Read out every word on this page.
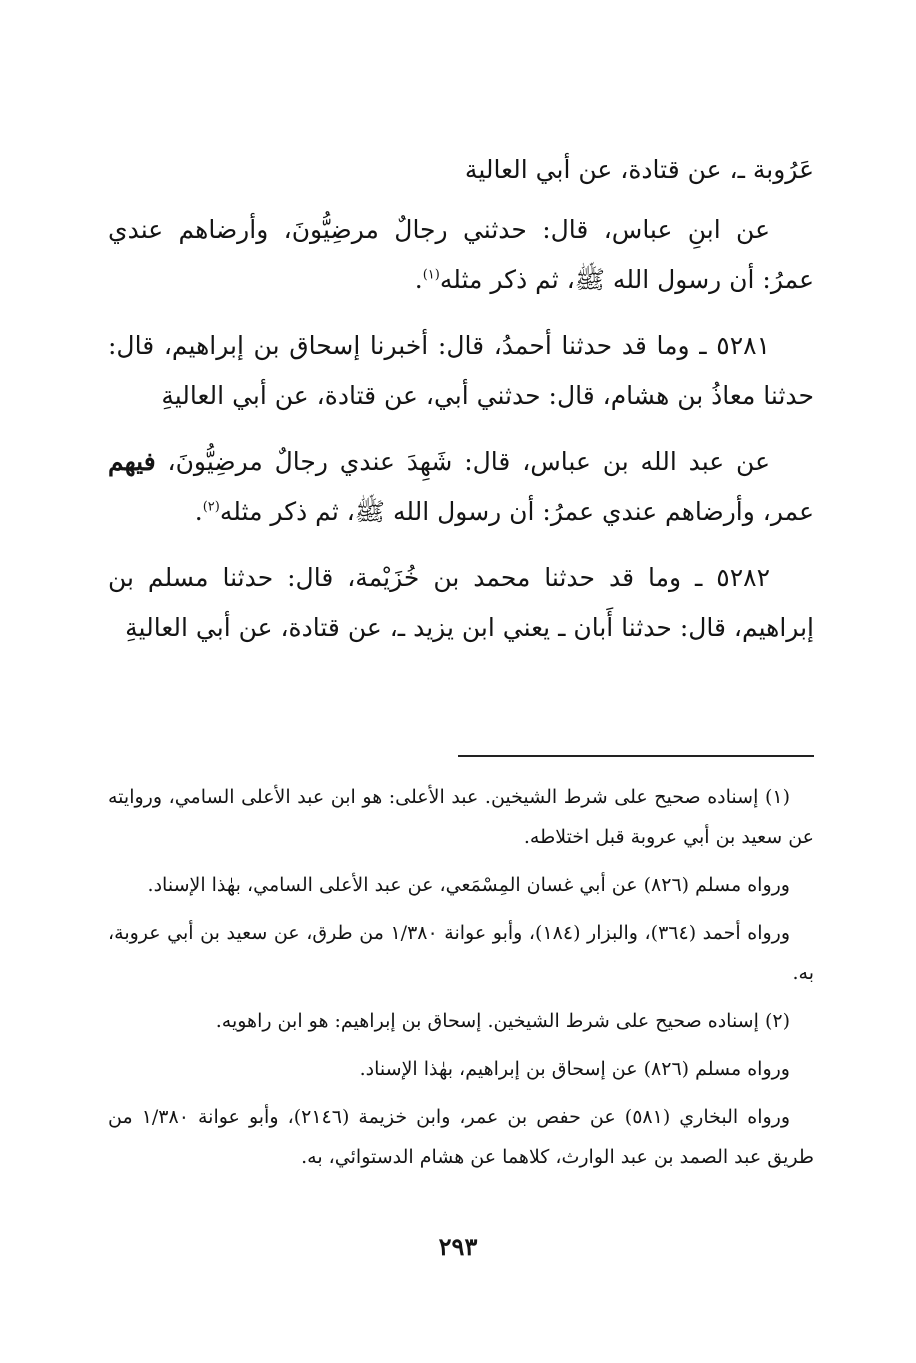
عَرُوبة ـ، عن قتادة، عن أبي العالية

عن ابنِ عباس، قال: حدثني رجالٌ مرضِيُّونَ، وأرضاهم عندي عمرُ: أن رسول الله ﷺ، ثم ذكر مثله$^{(١)}$.

٥٢٨١ ـ وما قد حدثنا أحمدُ، قال: أخبرنا إسحاق بن إبراهيم، قال: حدثنا معاذُ بن هشام، قال: حدثني أبي، عن قتادة، عن أبي العاليةِ

عن عبد الله بن عباس، قال: شَهِدَ عندي رجالٌ مرضِيُّونَ، فيهم عمر، وأرضاهم عندي عمرُ: أن رسول الله ﷺ، ثم ذكر مثله$^{(٢)}$.

٥٢٨٢ ـ وما قد حدثنا محمد بن خُزَيْمة، قال: حدثنا مسلم بن إبراهيم، قال: حدثنا أَبان ـ يعني ابن يزيد ـ، عن قتادة، عن أبي العاليةِ

(١) إسناده صحيح على شرط الشيخين. عبد الأعلى: هو ابن عبد الأعلى السامي، وروايته عن سعيد بن أبي عروبة قبل اختلاطه.

ورواه مسلم (٨٢٦) عن أبي غسان المِسْمَعي، عن عبد الأعلى السامي، بهٰذا الإسناد.

ورواه أحمد (٣٦٤)، والبزار (١٨٤)، وأبو عوانة ١/٣٨٠ من طرق، عن سعيد بن أبي عروبة، به.

(٢) إسناده صحيح على شرط الشيخين. إسحاق بن إبراهيم: هو ابن راهويه.

ورواه مسلم (٨٢٦) عن إسحاق بن إبراهيم، بهٰذا الإسناد.

ورواه البخاري (٥٨١) عن حفص بن عمر، وابن خزيمة (٢١٤٦)، وأبو عوانة ١/٣٨٠ من طريق عبد الصمد بن عبد الوارث، كلاهما عن هشام الدستوائي، به.

٢٩٣
